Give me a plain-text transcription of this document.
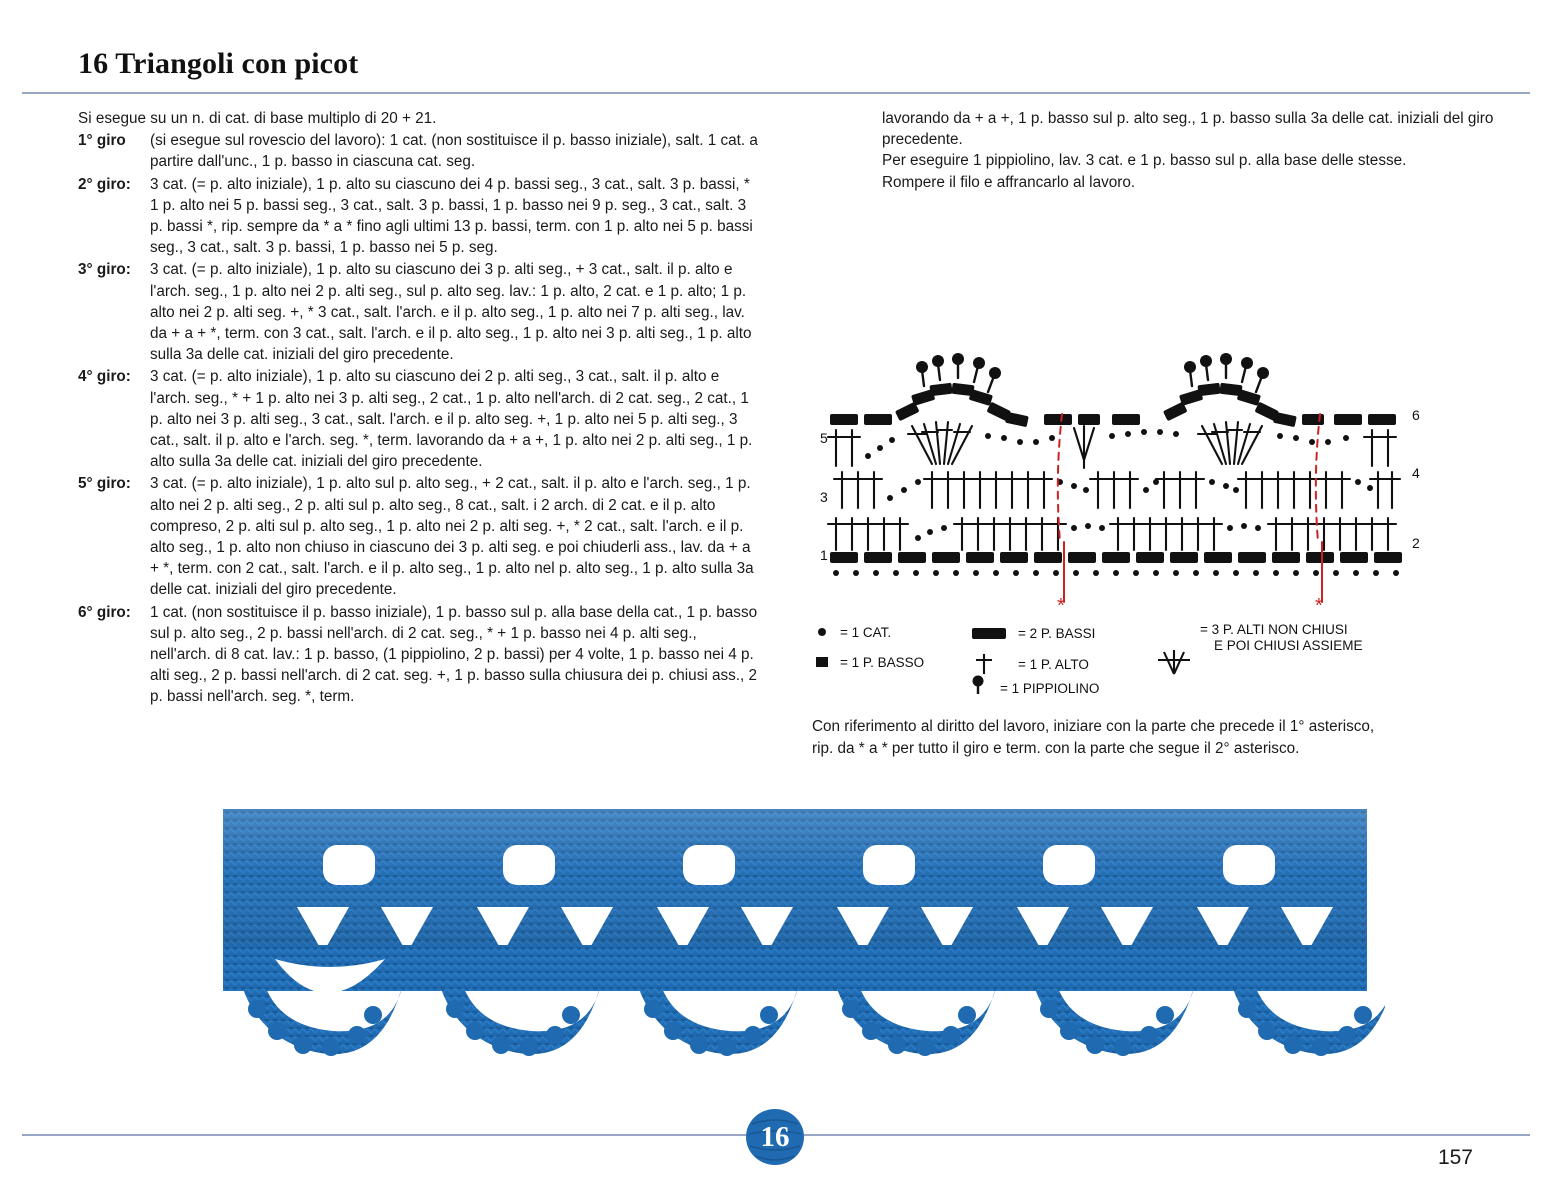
16 Triangoli con picot

Si esegue su un n. di cat. di base multiplo di 20 + 21.

1° giro	(si esegue sul rovescio del lavoro): 1 cat. (non sostituisce il p. basso iniziale), salt. 1 cat. a partire dall'unc., 1 p. basso in ciascuna cat. seg.
2° giro:	3 cat. (= p. alto iniziale), 1 p. alto su ciascuno dei 4 p. bassi seg., 3 cat., salt. 3 p. bassi, * 1 p. alto nei 5 p. bassi seg., 3 cat., salt. 3 p. bassi, 1 p. basso nei 9 p. seg., 3 cat., salt. 3 p. bassi *, rip. sempre da * a * fino agli ultimi 13 p. bassi, term. con 1 p. alto nei 5 p. bassi seg., 3 cat., salt. 3 p. bassi, 1 p. basso nei 5 p. seg.
3° giro:	3 cat. (= p. alto iniziale), 1 p. alto su ciascuno dei 3 p. alti seg., + 3 cat., salt. il p. alto e l'arch. seg., 1 p. alto nei 2 p. alti seg., sul p. alto seg. lav.: 1 p. alto, 2 cat. e 1 p. alto; 1 p. alto nei 2 p. alti seg. +, * 3 cat., salt. l'arch. e il p. alto seg., 1 p. alto nei 7 p. alti seg., lav. da + a + *, term. con 3 cat., salt. l'arch. e il p. alto seg., 1 p. alto nei 3 p. alti seg., 1 p. alto sulla 3a delle cat. iniziali del giro precedente.
4° giro:	3 cat. (= p. alto iniziale), 1 p. alto su ciascuno dei 2 p. alti seg., 3 cat., salt. il p. alto e l'arch. seg., * + 1 p. alto nei 3 p. alti seg., 2 cat., 1 p. alto nell'arch. di 2 cat. seg., 2 cat., 1 p. alto nei 3 p. alti seg., 3 cat., salt. l'arch. e il p. alto seg. +, 1 p. alto nei 5 p. alti seg., 3 cat., salt. il p. alto e l'arch. seg. *, term. lavorando da + a +, 1 p. alto nei 2 p. alti seg., 1 p. alto sulla 3a delle cat. iniziali del giro precedente.
5° giro:	3 cat. (= p. alto iniziale), 1 p. alto sul p. alto seg., + 2 cat., salt. il p. alto e l'arch. seg., 1 p. alto nei 2 p. alti seg., 2 p. alti sul p. alto seg., 8 cat., salt. i 2 arch. di 2 cat. e il p. alto compreso, 2 p. alti sul p. alto seg., 1 p. alto nei 2 p. alti seg. +, * 2 cat., salt. l'arch. e il p. alto seg., 1 p. alto non chiuso in ciascuno dei 3 p. alti seg. e poi chiuderli ass., lav. da + a + *, term. con 2 cat., salt. l'arch. e il p. alto seg., 1 p. alto nel p. alto seg., 1 p. alto sulla 3a delle cat. iniziali del giro precedente.
6° giro:	1 cat. (non sostituisce il p. basso iniziale), 1 p. basso sul p. alla base della cat., 1 p. basso sul p. alto seg., 2 p. bassi nell'arch. di 2 cat. seg., * + 1 p. basso nei 4 p. alti seg., nell'arch. di 8 cat. lav.: 1 p. basso, (1 pippiolino, 2 p. bassi) per 4 volte, 1 p. basso nei 4 p. alti seg., 2 p. bassi nell'arch. di 2 cat. seg. +, 1 p. basso sulla chiusura dei p. chiusi ass., 2 p. bassi nell'arch. seg. *, term.

lavorando da + a +, 1 p. basso sul p. alto seg., 1 p. basso sulla 3a delle cat. iniziali del giro precedente.

Per eseguire 1 pippiolino, lav. 3 cat. e 1 p. basso sul p. alla base delle stesse.

Rompere il filo e affrancarlo al lavoro.

5
3
1
6
4
2
*	*
= 1 CAT.
= 1 P. BASSO
= 2 P. BASSI
= 1 P. ALTO
= 3 P. ALTI NON CHIUSI
E POI CHIUSI ASSIEME
= 1 PIPPIOLINO
Con riferimento al diritto del lavoro, iniziare con la parte che precede il 1° asterisco,
rip. da * a * per tutto il giro e term. con la parte che segue il 2° asterisco.
16
157
